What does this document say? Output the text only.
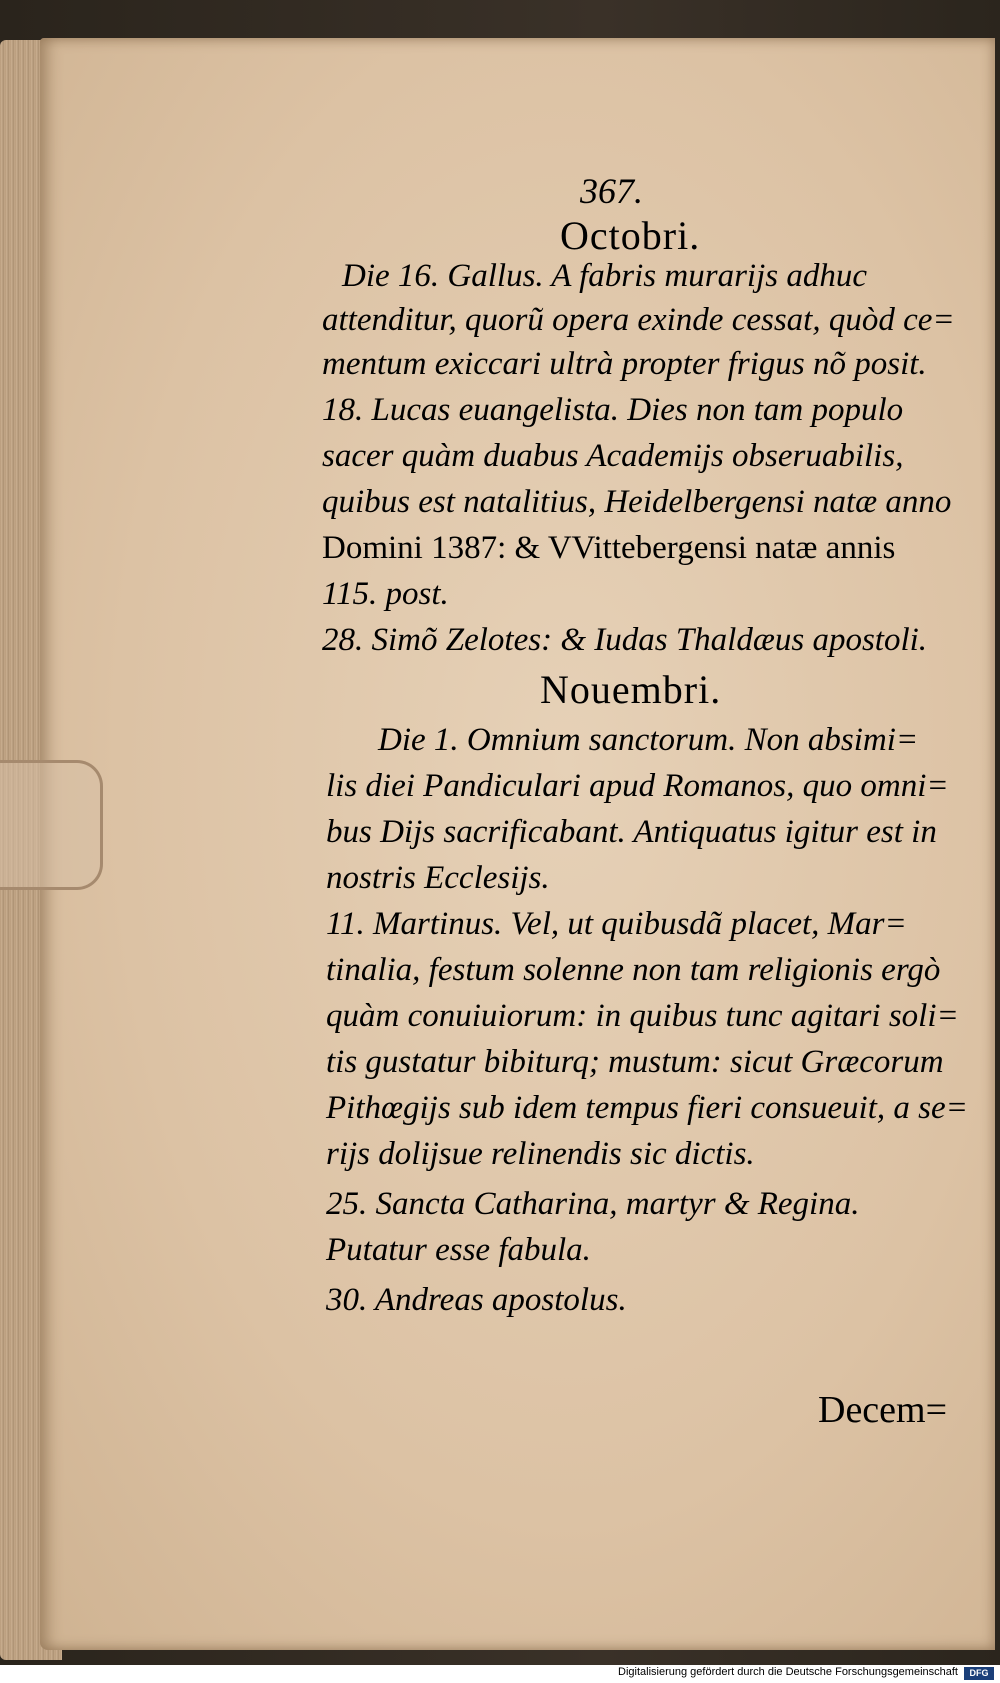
367.
Octobri.
Die 16. Gallus. A fabris murarijs adhuc
attenditur, quorũ opera exinde cessat, quòd ce=
mentum exiccari ultrà propter frigus nõ posit.
18. Lucas euangelista. Dies non tam populo
sacer quàm duabus Academijs obseruabilis,
quibus est natalitius, Heidelbergensi natæ anno
Domini 1387: & VVittebergensi natæ annis
115. post.
28. Simõ Zelotes: & Iudas Thaldæus apostoli.
Nouembri.
Die 1. Omnium sanctorum. Non absimi=
lis diei Pandiculari apud Romanos, quo omni=
bus Dijs sacrificabant. Antiquatus igitur est in
nostris Ecclesijs.
11. Martinus. Vel, ut quibusdã placet, Mar=
tinalia, festum solenne non tam religionis ergò
quàm conuiuiorum: in quibus tunc agitari soli=
tis gustatur bibiturq; mustum: sicut Græcorum
Pithœgijs sub idem tempus fieri consueuit, a se=
rijs dolijsue relinendis sic dictis.
25. Sancta Catharina, martyr & Regina.
Putatur esse fabula.
30. Andreas apostolus.
Decem=
Digitalisierung gefördert durch die Deutsche Forschungsgemeinschaft	DFG
